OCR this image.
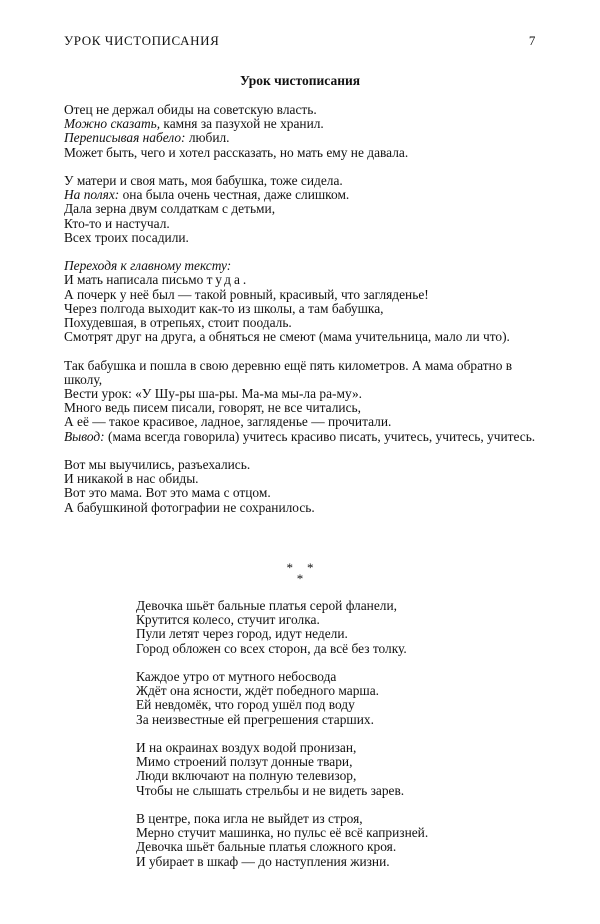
УРОК ЧИСТОПИСАНИЯ	7
Урок чистописания

Отец не держал обиды на советскую власть.
Можно сказать, камня за пазухой не хранил.
Переписывая набело: любил.
Может быть, чего и хотел рассказать, но мать ему не давала.

У матери и своя мать, моя бабушка, тоже сидела.
На полях: она была очень честная, даже слишком.
Дала зерна двум солдаткам с детьми,
Кто-то и настучал.
Всех троих посадили.

Переходя к главному тексту:
И мать написала письмо туда.
А почерк у неё был — такой ровный, красивый, что загляденье!
Через полгода выходит как-то из школы, а там бабушка,
Похудевшая, в отрепьях, стоит поодаль.
Смотрят друг на друга, а обняться не смеют (мама учительница, мало ли что).

Так бабушка и пошла в свою деревню ещё пять километров. А мама обратно в школу,
Вести урок: «У Шу-ры ша-ры. Ма-ма мы-ла ра-му».
Много ведь писем писали, говорят, не все читались,
А её — такое красивое, ладное, загляденье — прочитали.
Вывод: (мама всегда говорила) учитесь красиво писать, учитесь, учитесь, учитесь.

Вот мы выучились, разъехались.
И никакой в нас обиды.
Вот это мама. Вот это мама с отцом.
А бабушкиной фотографии не сохранилось.

* *
*
Девочка шьёт бальные платья серой фланели,
Крутится колесо, стучит иголка.
Пули летят через город, идут недели.
Город обложен со всех сторон, да всё без толку.
Каждое утро от мутного небосвода
Ждёт она ясности, ждёт победного марша.
Ей невдомёк, что город ушёл под воду
За неизвестные ей прегрешения старших.
И на окраинах воздух водой пронизан,
Мимо строений ползут донные твари,
Люди включают на полную телевизор,
Чтобы не слышать стрельбы и не видеть зарев.
В центре, пока игла не выйдет из строя,
Мерно стучит машинка, но пульс её всё капризней.
Девочка шьёт бальные платья сложного кроя.
И убирает в шкаф — до наступления жизни.
